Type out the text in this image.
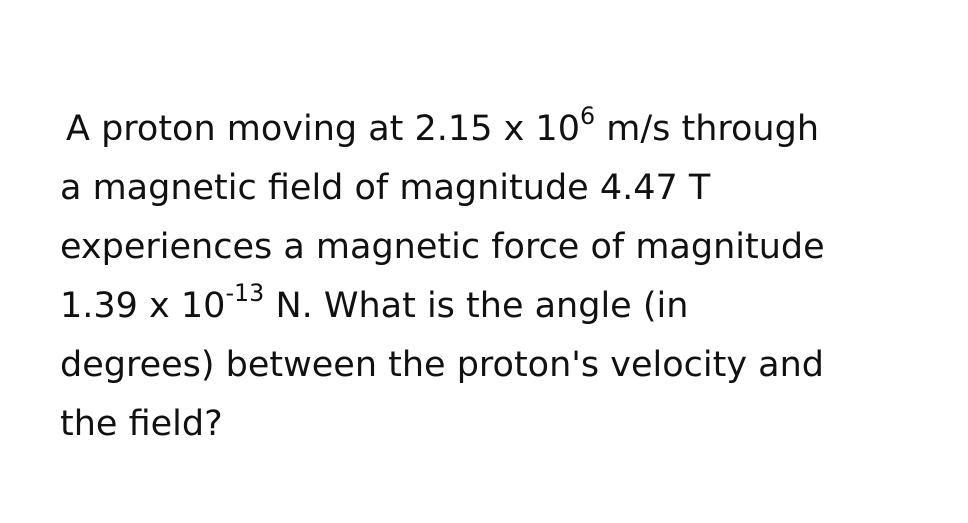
A proton moving at 2.15 x $10^6$ m/s through
a magnetic field of magnitude 4.47 T
experiences a magnetic force of magnitude
1.39 x $10^{-13}$ N. What is the angle (in
degrees) between the proton's velocity and
the field?
